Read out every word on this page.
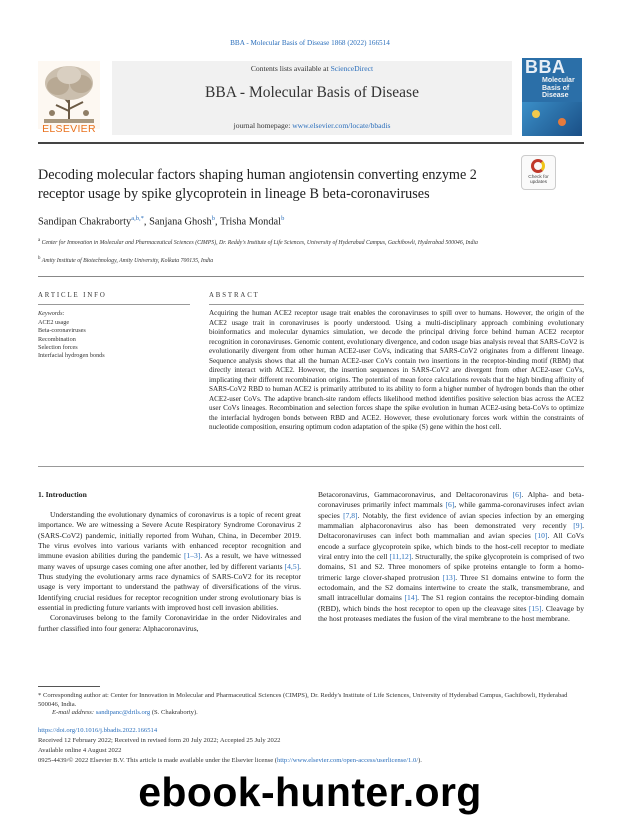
BBA - Molecular Basis of Disease 1868 (2022) 166514
ELSEVIER
Contents lists available at ScienceDirect
BBA - Molecular Basis of Disease
journal homepage: www.elsevier.com/locate/bbadis
BBA
Molecular Basis of Disease
Decoding molecular factors shaping human angiotensin converting enzyme 2 receptor usage by spike glycoprotein in lineage B beta-coronaviruses
Check for updates
Sandipan Chakraborty$^{a,b,*}$, Sanjana Ghosh$^b$, Trisha Mondal$^b$
$^a$ Center for Innovation in Molecular and Pharmaceutical Sciences (CIMPS), Dr. Reddy's Institute of Life Sciences, University of Hyderabad Campus, Gachibowli, Hyderabad 500046, India
$^b$ Amity Institute of Biotechnology, Amity University, Kolkata 700135, India
ARTICLE INFO
Keywords:
ACE2 usage
Beta-coronaviruses
Recombination
Selection forces
Interfacial hydrogen bonds
ABSTRACT
Acquiring the human ACE2 receptor usage trait enables the coronaviruses to spill over to humans. However, the origin of the ACE2 usage trait in coronaviruses is poorly understood. Using a multi-disciplinary approach combining evolutionary bioinformatics and molecular dynamics simulation, we decode the principal driving force behind human ACE2 receptor recognition in coronaviruses. Genomic content, evolutionary divergence, and codon usage bias analysis reveal that SARS-CoV2 is evolutionarily divergent from other human ACE2-user CoVs, indicating that SARS-CoV2 originates from a different lineage. Sequence analysis shows that all the human ACE2-user CoVs contain two insertions in the receptor-binding motif (RBM) that directly interact with ACE2. However, the insertion sequences in SARS-CoV2 are divergent from other ACE2-user CoVs, implicating their different recombination origins. The potential of mean force calculations reveals that the high binding affinity of SARS-CoV2 RBD to human ACE2 is primarily attributed to its ability to form a higher number of hydrogen bonds than the other ACE2-user CoVs. The adaptive branch-site random effects likelihood method identifies positive selection bias across the ACE2 user CoVs lineages. Recombination and selection forces shape the spike evolution in human ACE2-using beta-CoVs to optimize the interfacial hydrogen bonds between RBD and ACE2. However, these evolutionary forces work within the constraints of nucleotide composition, ensuring optimum codon adaptation of the spike (S) gene within the host cell.
1. Introduction

Understanding the evolutionary dynamics of coronavirus is a topic of recent great importance. We are witnessing a Severe Acute Respiratory Syndrome Coronavirus 2 (SARS-CoV2) pandemic, initially reported from Wuhan, China, in December 2019. The virus evolves into various variants with enhanced receptor recognition and immune evasion abilities during the pandemic [1–3]. As a result, we have witnessed many waves of upsurge cases coming one after another, led by different variants [4,5]. Thus studying the evolutionary arms race dynamics of SARS-CoV2 for its receptor usage is very important to understand the pathway of diversifications of the virus. Identifying crucial residues for receptor recognition under strong evolutionary bias is essential in predicting future variants with improved host cell invasion abilities.

Coronaviruses belong to the family Coronaviridae in the order Nidovirales and further classified into four genera: Alphacoronavirus,

Betacoronavirus, Gammacoronavirus, and Deltacoronavirus [6]. Alpha- and beta-coronaviruses primarily infect mammals [6], while gamma-coronaviruses infect avian species [7,8]. Notably, the first evidence of avian species infection by an emerging mammalian alphacoronavirus also has been demonstrated very recently [9]. Deltacoronaviruses can infect both mammalian and avian species [10]. All CoVs encode a surface glycoprotein spike, which binds to the host-cell receptor to mediate viral entry into the cell [11,12]. Structurally, the spike glycoprotein is comprised of two domains, S1 and S2. Three monomers of spike proteins entangle to form a homo-trimeric large clover-shaped protrusion [13]. Three S1 domains entwine to form the ectodomain, and the S2 domains intertwine to create the stalk, transmembrane, and small intracellular domains [14]. The S1 region contains the receptor-binding domain (RBD), which binds the host receptor to open up the cleavage sites [15]. Cleavage by the host proteases mediates the fusion of the viral membrane to the host membrane.

* Corresponding author at: Center for Innovation in Molecular and Pharmaceutical Sciences (CIMPS), Dr. Reddy's Institute of Life Sciences, University of Hyderabad Campus, Gachibowli, Hyderabad 500046, India.
E-mail address: sandipanc@drils.org (S. Chakraborty).
https://doi.org/10.1016/j.bbadis.2022.166514
Received 12 February 2022; Received in revised form 20 July 2022; Accepted 25 July 2022
Available online 4 August 2022
0925-4439/© 2022 Elsevier B.V. This article is made available under the Elsevier license (http://www.elsevier.com/open-access/userlicense/1.0/).
ebook-hunter.org
